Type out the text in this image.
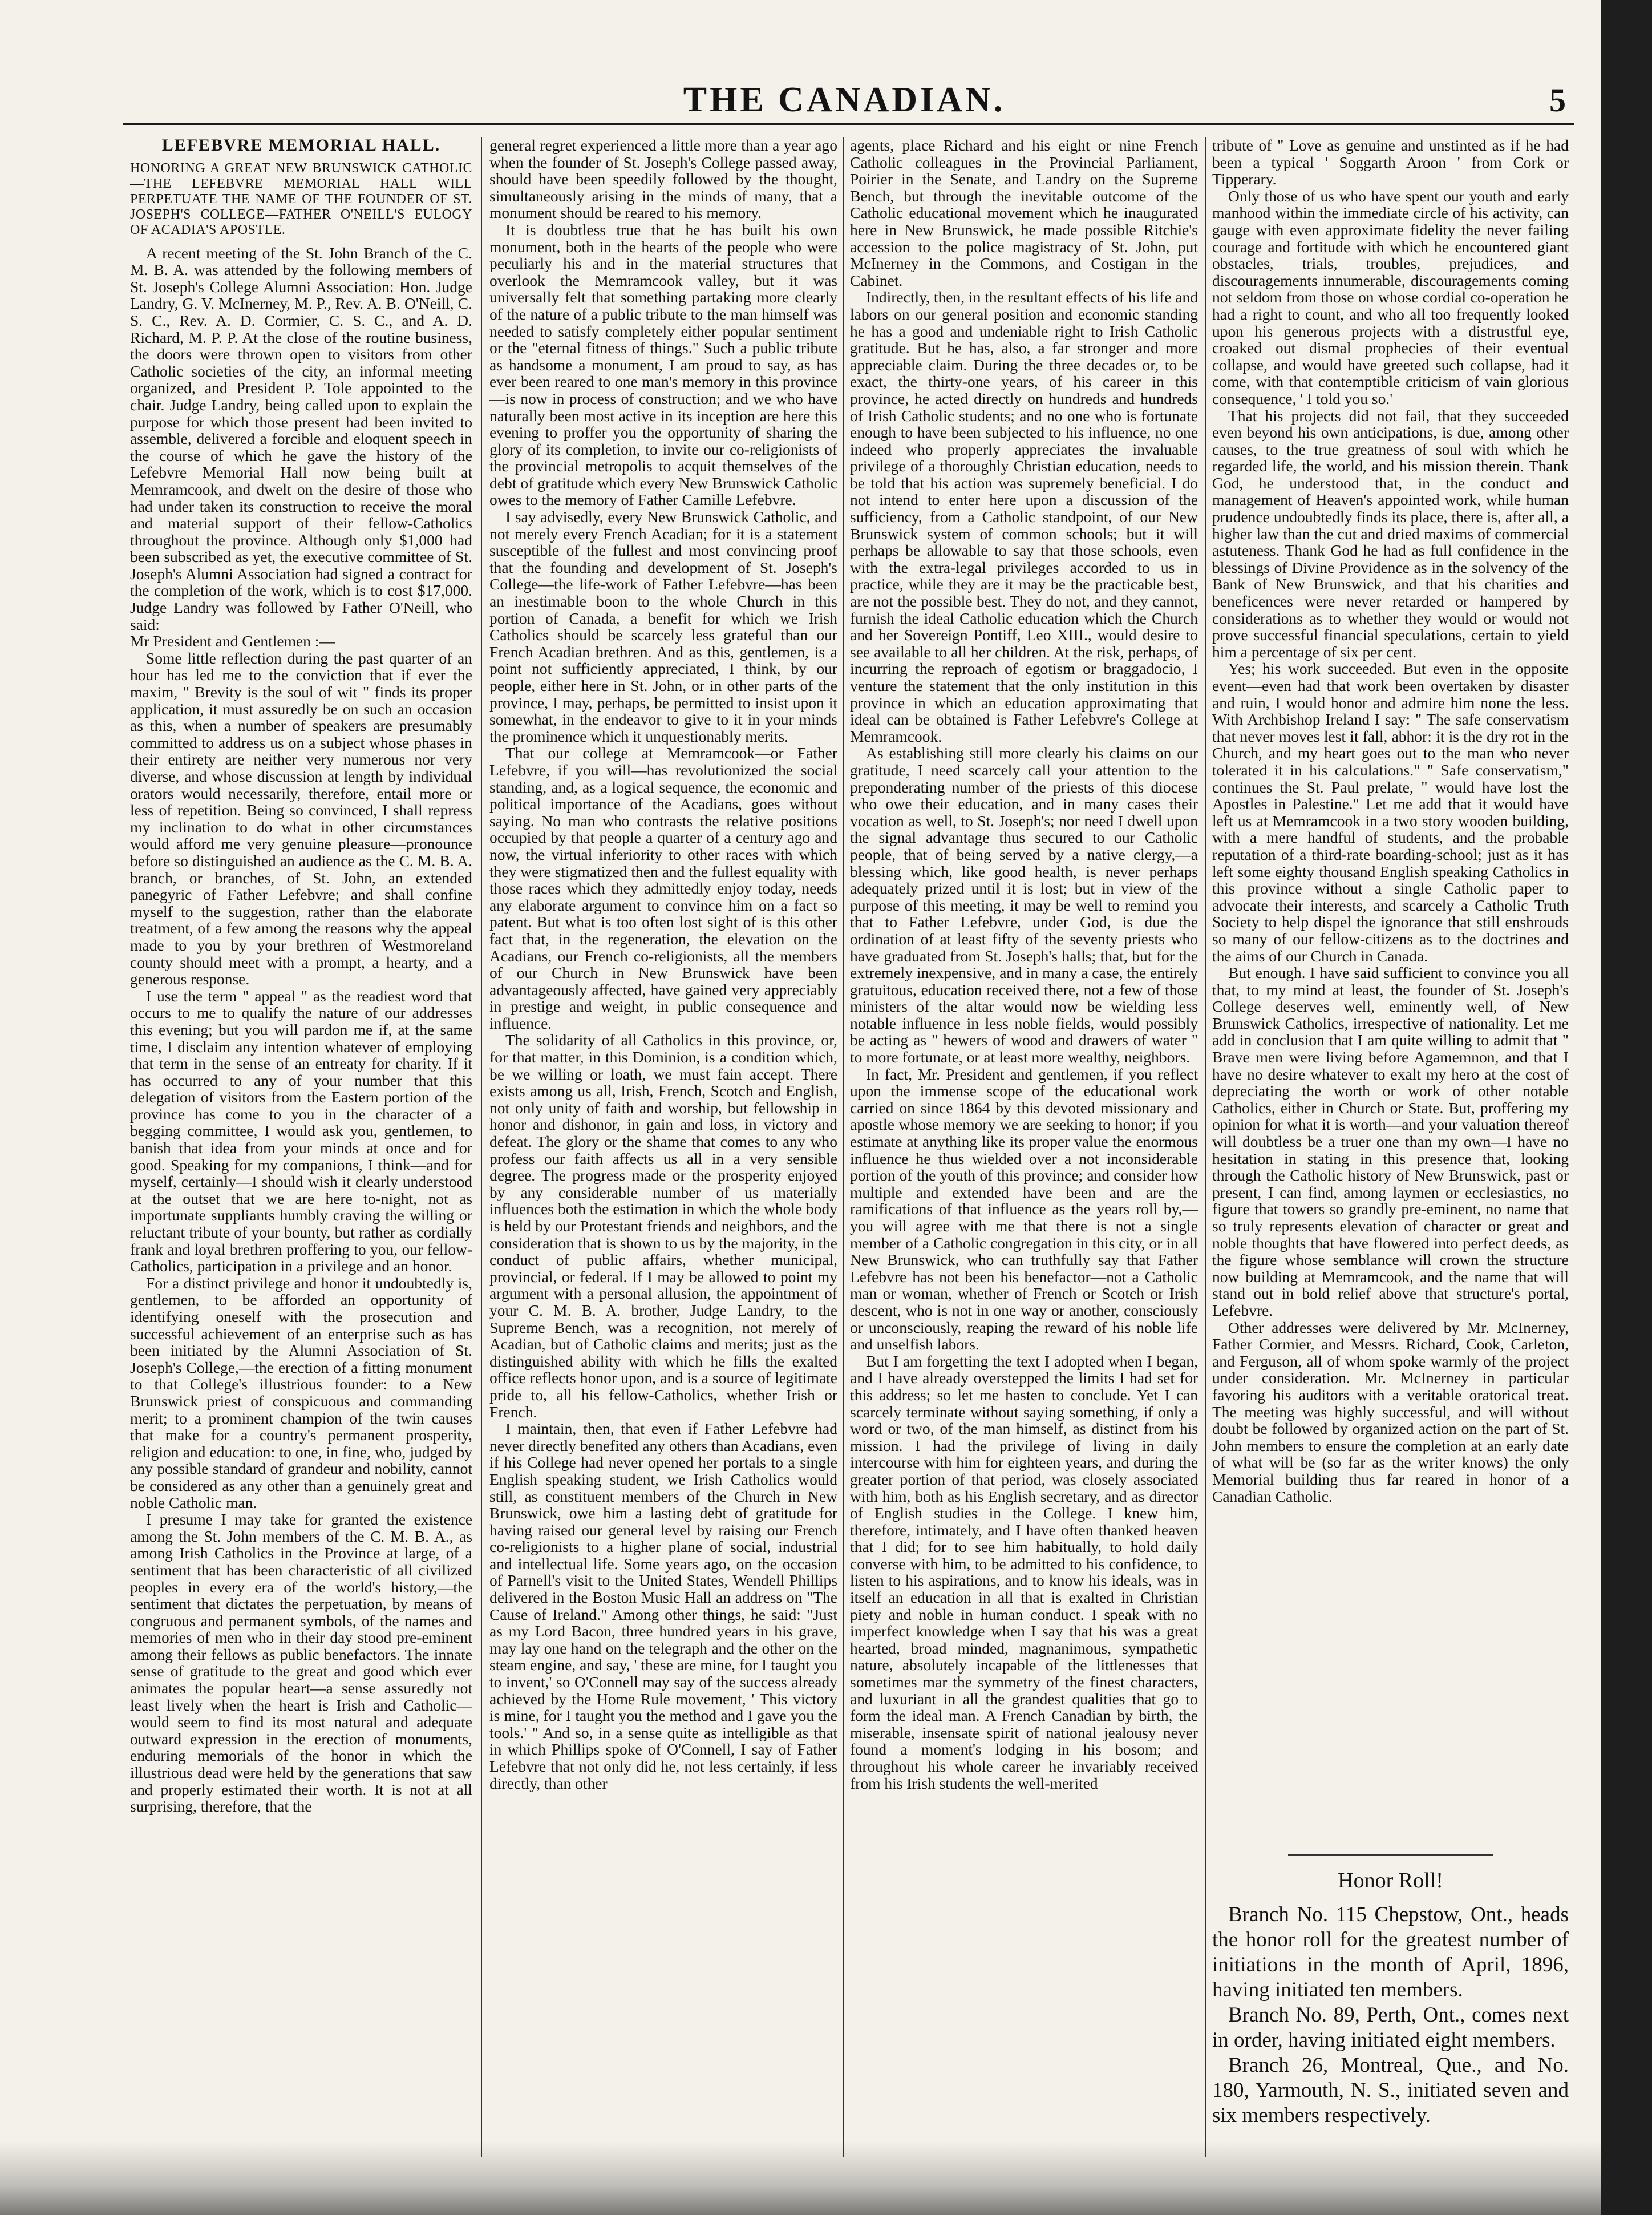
THE CANADIAN.	5
LEFEBVRE MEMORIAL HALL.

HONORING A GREAT NEW BRUNSWICK CATHOLIC—THE LEFEBVRE MEMORIAL HALL WILL PERPETUATE THE NAME OF THE FOUNDER OF ST. JOSEPH'S COLLEGE—FATHER O'NEILL'S EULOGY OF ACADIA'S APOSTLE.

A recent meeting of the St. John Branch of the C. M. B. A. was attended by the following members of St. Joseph's College Alumni Association: Hon. Judge Landry, G. V. McInerney, M. P., Rev. A. B. O'Neill, C. S. C., Rev. A. D. Cormier, C. S. C., and A. D. Richard, M. P. P. At the close of the routine business, the doors were thrown open to visitors from other Catholic societies of the city, an informal meeting organized, and President P. Tole appointed to the chair. Judge Landry, being called upon to explain the purpose for which those present had been invited to assemble, delivered a forcible and eloquent speech in the course of which he gave the history of the Lefebvre Memorial Hall now being built at Memramcook, and dwelt on the desire of those who had under taken its construction to receive the moral and material support of their fellow-Catholics throughout the province. Although only $1,000 had been subscribed as yet, the executive committee of St. Joseph's Alumni Association had signed a contract for the completion of the work, which is to cost $17,000. Judge Landry was followed by Father O'Neill, who said:

Mr President and Gentlemen :—

Some little reflection during the past quarter of an hour has led me to the conviction that if ever the maxim, " Brevity is the soul of wit " finds its proper application, it must assuredly be on such an occasion as this, when a number of speakers are presumably committed to address us on a subject whose phases in their entirety are neither very numerous nor very diverse, and whose discussion at length by individual orators would necessarily, therefore, entail more or less of repetition. Being so convinced, I shall repress my inclination to do what in other circumstances would afford me very genuine pleasure—pronounce before so distinguished an audience as the C. M. B. A. branch, or branches, of St. John, an extended panegyric of Father Lefebvre; and shall confine myself to the suggestion, rather than the elaborate treatment, of a few among the reasons why the appeal made to you by your brethren of Westmoreland county should meet with a prompt, a hearty, and a generous response.

I use the term " appeal " as the readiest word that occurs to me to qualify the nature of our addresses this evening; but you will pardon me if, at the same time, I disclaim any intention whatever of employing that term in the sense of an entreaty for charity. If it has occurred to any of your number that this delegation of visitors from the Eastern portion of the province has come to you in the character of a begging committee, I would ask you, gentlemen, to banish that idea from your minds at once and for good. Speaking for my companions, I think—and for myself, certainly—I should wish it clearly understood at the outset that we are here to-night, not as importunate suppliants humbly craving the willing or reluctant tribute of your bounty, but rather as cordially frank and loyal brethren proffering to you, our fellow-Catholics, participation in a privilege and an honor.

For a distinct privilege and honor it undoubtedly is, gentlemen, to be afforded an opportunity of identifying oneself with the prosecution and successful achievement of an enterprise such as has been initiated by the Alumni Association of St. Joseph's College,—the erection of a fitting monument to that College's illustrious founder: to a New Brunswick priest of conspicuous and commanding merit; to a prominent champion of the twin causes that make for a country's permanent prosperity, religion and education: to one, in fine, who, judged by any possible standard of grandeur and nobility, cannot be considered as any other than a genuinely great and noble Catholic man.

I presume I may take for granted the existence among the St. John members of the C. M. B. A., as among Irish Catholics in the Province at large, of a sentiment that has been characteristic of all civilized peoples in every era of the world's history,—the sentiment that dictates the perpetuation, by means of congruous and permanent symbols, of the names and memories of men who in their day stood pre-eminent among their fellows as public benefactors. The innate sense of gratitude to the great and good which ever animates the popular heart—a sense assuredly not least lively when the heart is Irish and Catholic—would seem to find its most natural and adequate outward expression in the erection of monuments, enduring memorials of the honor in which the illustrious dead were held by the generations that saw and properly estimated their worth. It is not at all surprising, therefore, that the

general regret experienced a little more than a year ago when the founder of St. Joseph's College passed away, should have been speedily followed by the thought, simultaneously arising in the minds of many, that a monument should be reared to his memory.

It is doubtless true that he has built his own monument, both in the hearts of the people who were peculiarly his and in the material structures that overlook the Memramcook valley, but it was universally felt that something partaking more clearly of the nature of a public tribute to the man himself was needed to satisfy completely either popular sentiment or the "eternal fitness of things." Such a public tribute as handsome a monument, I am proud to say, as has ever been reared to one man's memory in this province —is now in process of construction; and we who have naturally been most active in its inception are here this evening to proffer you the opportunity of sharing the glory of its completion, to invite our co-religionists of the provincial metropolis to acquit themselves of the debt of gratitude which every New Brunswick Catholic owes to the memory of Father Camille Lefebvre.

I say advisedly, every New Brunswick Catholic, and not merely every French Acadian; for it is a statement susceptible of the fullest and most convincing proof that the founding and development of St. Joseph's College—the life-work of Father Lefebvre—has been an inestimable boon to the whole Church in this portion of Canada, a benefit for which we Irish Catholics should be scarcely less grateful than our French Acadian brethren. And as this, gentlemen, is a point not sufficiently appreciated, I think, by our people, either here in St. John, or in other parts of the province, I may, perhaps, be permitted to insist upon it somewhat, in the endeavor to give to it in your minds the prominence which it unquestionably merits.

That our college at Memramcook—or Father Lefebvre, if you will—has revolutionized the social standing, and, as a logical sequence, the economic and political importance of the Acadians, goes without saying. No man who contrasts the relative positions occupied by that people a quarter of a century ago and now, the virtual inferiority to other races with which they were stigmatized then and the fullest equality with those races which they admittedly enjoy today, needs any elaborate argument to convince him on a fact so patent. But what is too often lost sight of is this other fact that, in the regeneration, the elevation on the Acadians, our French co-religionists, all the members of our Church in New Brunswick have been advantageously affected, have gained very appreciably in prestige and weight, in public consequence and influence.

The solidarity of all Catholics in this province, or, for that matter, in this Dominion, is a condition which, be we willing or loath, we must fain accept. There exists among us all, Irish, French, Scotch and English, not only unity of faith and worship, but fellowship in honor and dishonor, in gain and loss, in victory and defeat. The glory or the shame that comes to any who profess our faith affects us all in a very sensible degree. The progress made or the prosperity enjoyed by any considerable number of us materially influences both the estimation in which the whole body is held by our Protestant friends and neighbors, and the consideration that is shown to us by the majority, in the conduct of public affairs, whether municipal, provincial, or federal. If I may be allowed to point my argument with a personal allusion, the appointment of your C. M. B. A. brother, Judge Landry, to the Supreme Bench, was a recognition, not merely of Acadian, but of Catholic claims and merits; just as the distinguished ability with which he fills the exalted office reflects honor upon, and is a source of legitimate pride to, all his fellow-Catholics, whether Irish or French.

I maintain, then, that even if Father Lefebvre had never directly benefited any others than Acadians, even if his College had never opened her portals to a single English speaking student, we Irish Catholics would still, as constituent members of the Church in New Brunswick, owe him a lasting debt of gratitude for having raised our general level by raising our French co-religionists to a higher plane of social, industrial and intellectual life. Some years ago, on the occasion of Parnell's visit to the United States, Wendell Phillips delivered in the Boston Music Hall an address on "The Cause of Ireland." Among other things, he said: "Just as my Lord Bacon, three hundred years in his grave, may lay one hand on the telegraph and the other on the steam engine, and say, ' these are mine, for I taught you to invent,' so O'Connell may say of the success already achieved by the Home Rule movement, ' This victory is mine, for I taught you the method and I gave you the tools.' " And so, in a sense quite as intelligible as that in which Phillips spoke of O'Connell, I say of Father Lefebvre that not only did he, not less certainly, if less directly, than other

agents, place Richard and his eight or nine French Catholic colleagues in the Provincial Parliament, Poirier in the Senate, and Landry on the Supreme Bench, but through the inevitable outcome of the Catholic educational movement which he inaugurated here in New Brunswick, he made possible Ritchie's accession to the police magistracy of St. John, put McInerney in the Commons, and Costigan in the Cabinet.

Indirectly, then, in the resultant effects of his life and labors on our general position and economic standing he has a good and undeniable right to Irish Catholic gratitude. But he has, also, a far stronger and more appreciable claim. During the three decades or, to be exact, the thirty-one years, of his career in this province, he acted directly on hundreds and hundreds of Irish Catholic students; and no one who is fortunate enough to have been subjected to his influence, no one indeed who properly appreciates the invaluable privilege of a thoroughly Christian education, needs to be told that his action was supremely beneficial. I do not intend to enter here upon a discussion of the sufficiency, from a Catholic standpoint, of our New Brunswick system of common schools; but it will perhaps be allowable to say that those schools, even with the extra-legal privileges accorded to us in practice, while they are it may be the practicable best, are not the possible best. They do not, and they cannot, furnish the ideal Catholic education which the Church and her Sovereign Pontiff, Leo XIII., would desire to see available to all her children. At the risk, perhaps, of incurring the reproach of egotism or braggadocio, I venture the statement that the only institution in this province in which an education approximating that ideal can be obtained is Father Lefebvre's College at Memramcook.

As establishing still more clearly his claims on our gratitude, I need scarcely call your attention to the preponderating number of the priests of this diocese who owe their education, and in many cases their vocation as well, to St. Joseph's; nor need I dwell upon the signal advantage thus secured to our Catholic people, that of being served by a native clergy,—a blessing which, like good health, is never perhaps adequately prized until it is lost; but in view of the purpose of this meeting, it may be well to remind you that to Father Lefebvre, under God, is due the ordination of at least fifty of the seventy priests who have graduated from St. Joseph's halls; that, but for the extremely inexpensive, and in many a case, the entirely gratuitous, education received there, not a few of those ministers of the altar would now be wielding less notable influence in less noble fields, would possibly be acting as " hewers of wood and drawers of water " to more fortunate, or at least more wealthy, neighbors.

In fact, Mr. President and gentlemen, if you reflect upon the immense scope of the educational work carried on since 1864 by this devoted missionary and apostle whose memory we are seeking to honor; if you estimate at anything like its proper value the enormous influence he thus wielded over a not inconsiderable portion of the youth of this province; and consider how multiple and extended have been and are the ramifications of that influence as the years roll by,—you will agree with me that there is not a single member of a Catholic congregation in this city, or in all New Brunswick, who can truthfully say that Father Lefebvre has not been his benefactor—not a Catholic man or woman, whether of French or Scotch or Irish descent, who is not in one way or another, consciously or unconsciously, reaping the reward of his noble life and unselfish labors.

But I am forgetting the text I adopted when I began, and I have already overstepped the limits I had set for this address; so let me hasten to conclude. Yet I can scarcely terminate without saying something, if only a word or two, of the man himself, as distinct from his mission. I had the privilege of living in daily intercourse with him for eighteen years, and during the greater portion of that period, was closely associated with him, both as his English secretary, and as director of English studies in the College. I knew him, therefore, intimately, and I have often thanked heaven that I did; for to see him habitually, to hold daily converse with him, to be admitted to his confidence, to listen to his aspirations, and to know his ideals, was in itself an education in all that is exalted in Christian piety and noble in human conduct. I speak with no imperfect knowledge when I say that his was a great hearted, broad minded, magnanimous, sympathetic nature, absolutely incapable of the littlenesses that sometimes mar the symmetry of the finest characters, and luxuriant in all the grandest qualities that go to form the ideal man. A French Canadian by birth, the miserable, insensate spirit of national jealousy never found a moment's lodging in his bosom; and throughout his whole career he invariably received from his Irish students the well-merited

tribute of " Love as genuine and unstinted as if he had been a typical ' Soggarth Aroon ' from Cork or Tipperary.

Only those of us who have spent our youth and early manhood within the immediate circle of his activity, can gauge with even approximate fidelity the never failing courage and fortitude with which he encountered giant obstacles, trials, troubles, prejudices, and discouragements innumerable, discouragements coming not seldom from those on whose cordial co-operation he had a right to count, and who all too frequently looked upon his generous projects with a distrustful eye, croaked out dismal prophecies of their eventual collapse, and would have greeted such collapse, had it come, with that contemptible criticism of vain glorious consequence, ' I told you so.'

That his projects did not fail, that they succeeded even beyond his own anticipations, is due, among other causes, to the true greatness of soul with which he regarded life, the world, and his mission therein. Thank God, he understood that, in the conduct and management of Heaven's appointed work, while human prudence undoubtedly finds its place, there is, after all, a higher law than the cut and dried maxims of commercial astuteness. Thank God he had as full confidence in the blessings of Divine Providence as in the solvency of the Bank of New Brunswick, and that his charities and beneficences were never retarded or hampered by considerations as to whether they would or would not prove successful financial speculations, certain to yield him a percentage of six per cent.

Yes; his work succeeded. But even in the opposite event—even had that work been overtaken by disaster and ruin, I would honor and admire him none the less. With Archbishop Ireland I say: " The safe conservatism that never moves lest it fall, abhor: it is the dry rot in the Church, and my heart goes out to the man who never tolerated it in his calculations." " Safe conservatism," continues the St. Paul prelate, " would have lost the Apostles in Palestine." Let me add that it would have left us at Memramcook in a two story wooden building, with a mere handful of students, and the probable reputation of a third-rate boarding-school; just as it has left some eighty thousand English speaking Catholics in this province without a single Catholic paper to advocate their interests, and scarcely a Catholic Truth Society to help dispel the ignorance that still enshrouds so many of our fellow-citizens as to the doctrines and the aims of our Church in Canada.

But enough. I have said sufficient to convince you all that, to my mind at least, the founder of St. Joseph's College deserves well, eminently well, of New Brunswick Catholics, irrespective of nationality. Let me add in conclusion that I am quite willing to admit that " Brave men were living before Agamemnon, and that I have no desire whatever to exalt my hero at the cost of depreciating the worth or work of other notable Catholics, either in Church or State. But, proffering my opinion for what it is worth—and your valuation thereof will doubtless be a truer one than my own—I have no hesitation in stating in this presence that, looking through the Catholic history of New Brunswick, past or present, I can find, among laymen or ecclesiastics, no figure that towers so grandly pre-eminent, no name that so truly represents elevation of character or great and noble thoughts that have flowered into perfect deeds, as the figure whose semblance will crown the structure now building at Memramcook, and the name that will stand out in bold relief above that structure's portal, Lefebvre.

Other addresses were delivered by Mr. McInerney, Father Cormier, and Messrs. Richard, Cook, Carleton, and Ferguson, all of whom spoke warmly of the project under consideration. Mr. McInerney in particular favoring his auditors with a veritable oratorical treat. The meeting was highly successful, and will without doubt be followed by organized action on the part of St. John members to ensure the completion at an early date of what will be (so far as the writer knows) the only Memorial building thus far reared in honor of a Canadian Catholic.

Honor Roll!

Branch No. 115 Chepstow, Ont., heads the honor roll for the greatest number of initiations in the month of April, 1896, having initiated ten members.

Branch No. 89, Perth, Ont., comes next in order, having initiated eight members.

Branch 26, Montreal, Que., and No. 180, Yarmouth, N. S., initiated seven and six members respectively.
